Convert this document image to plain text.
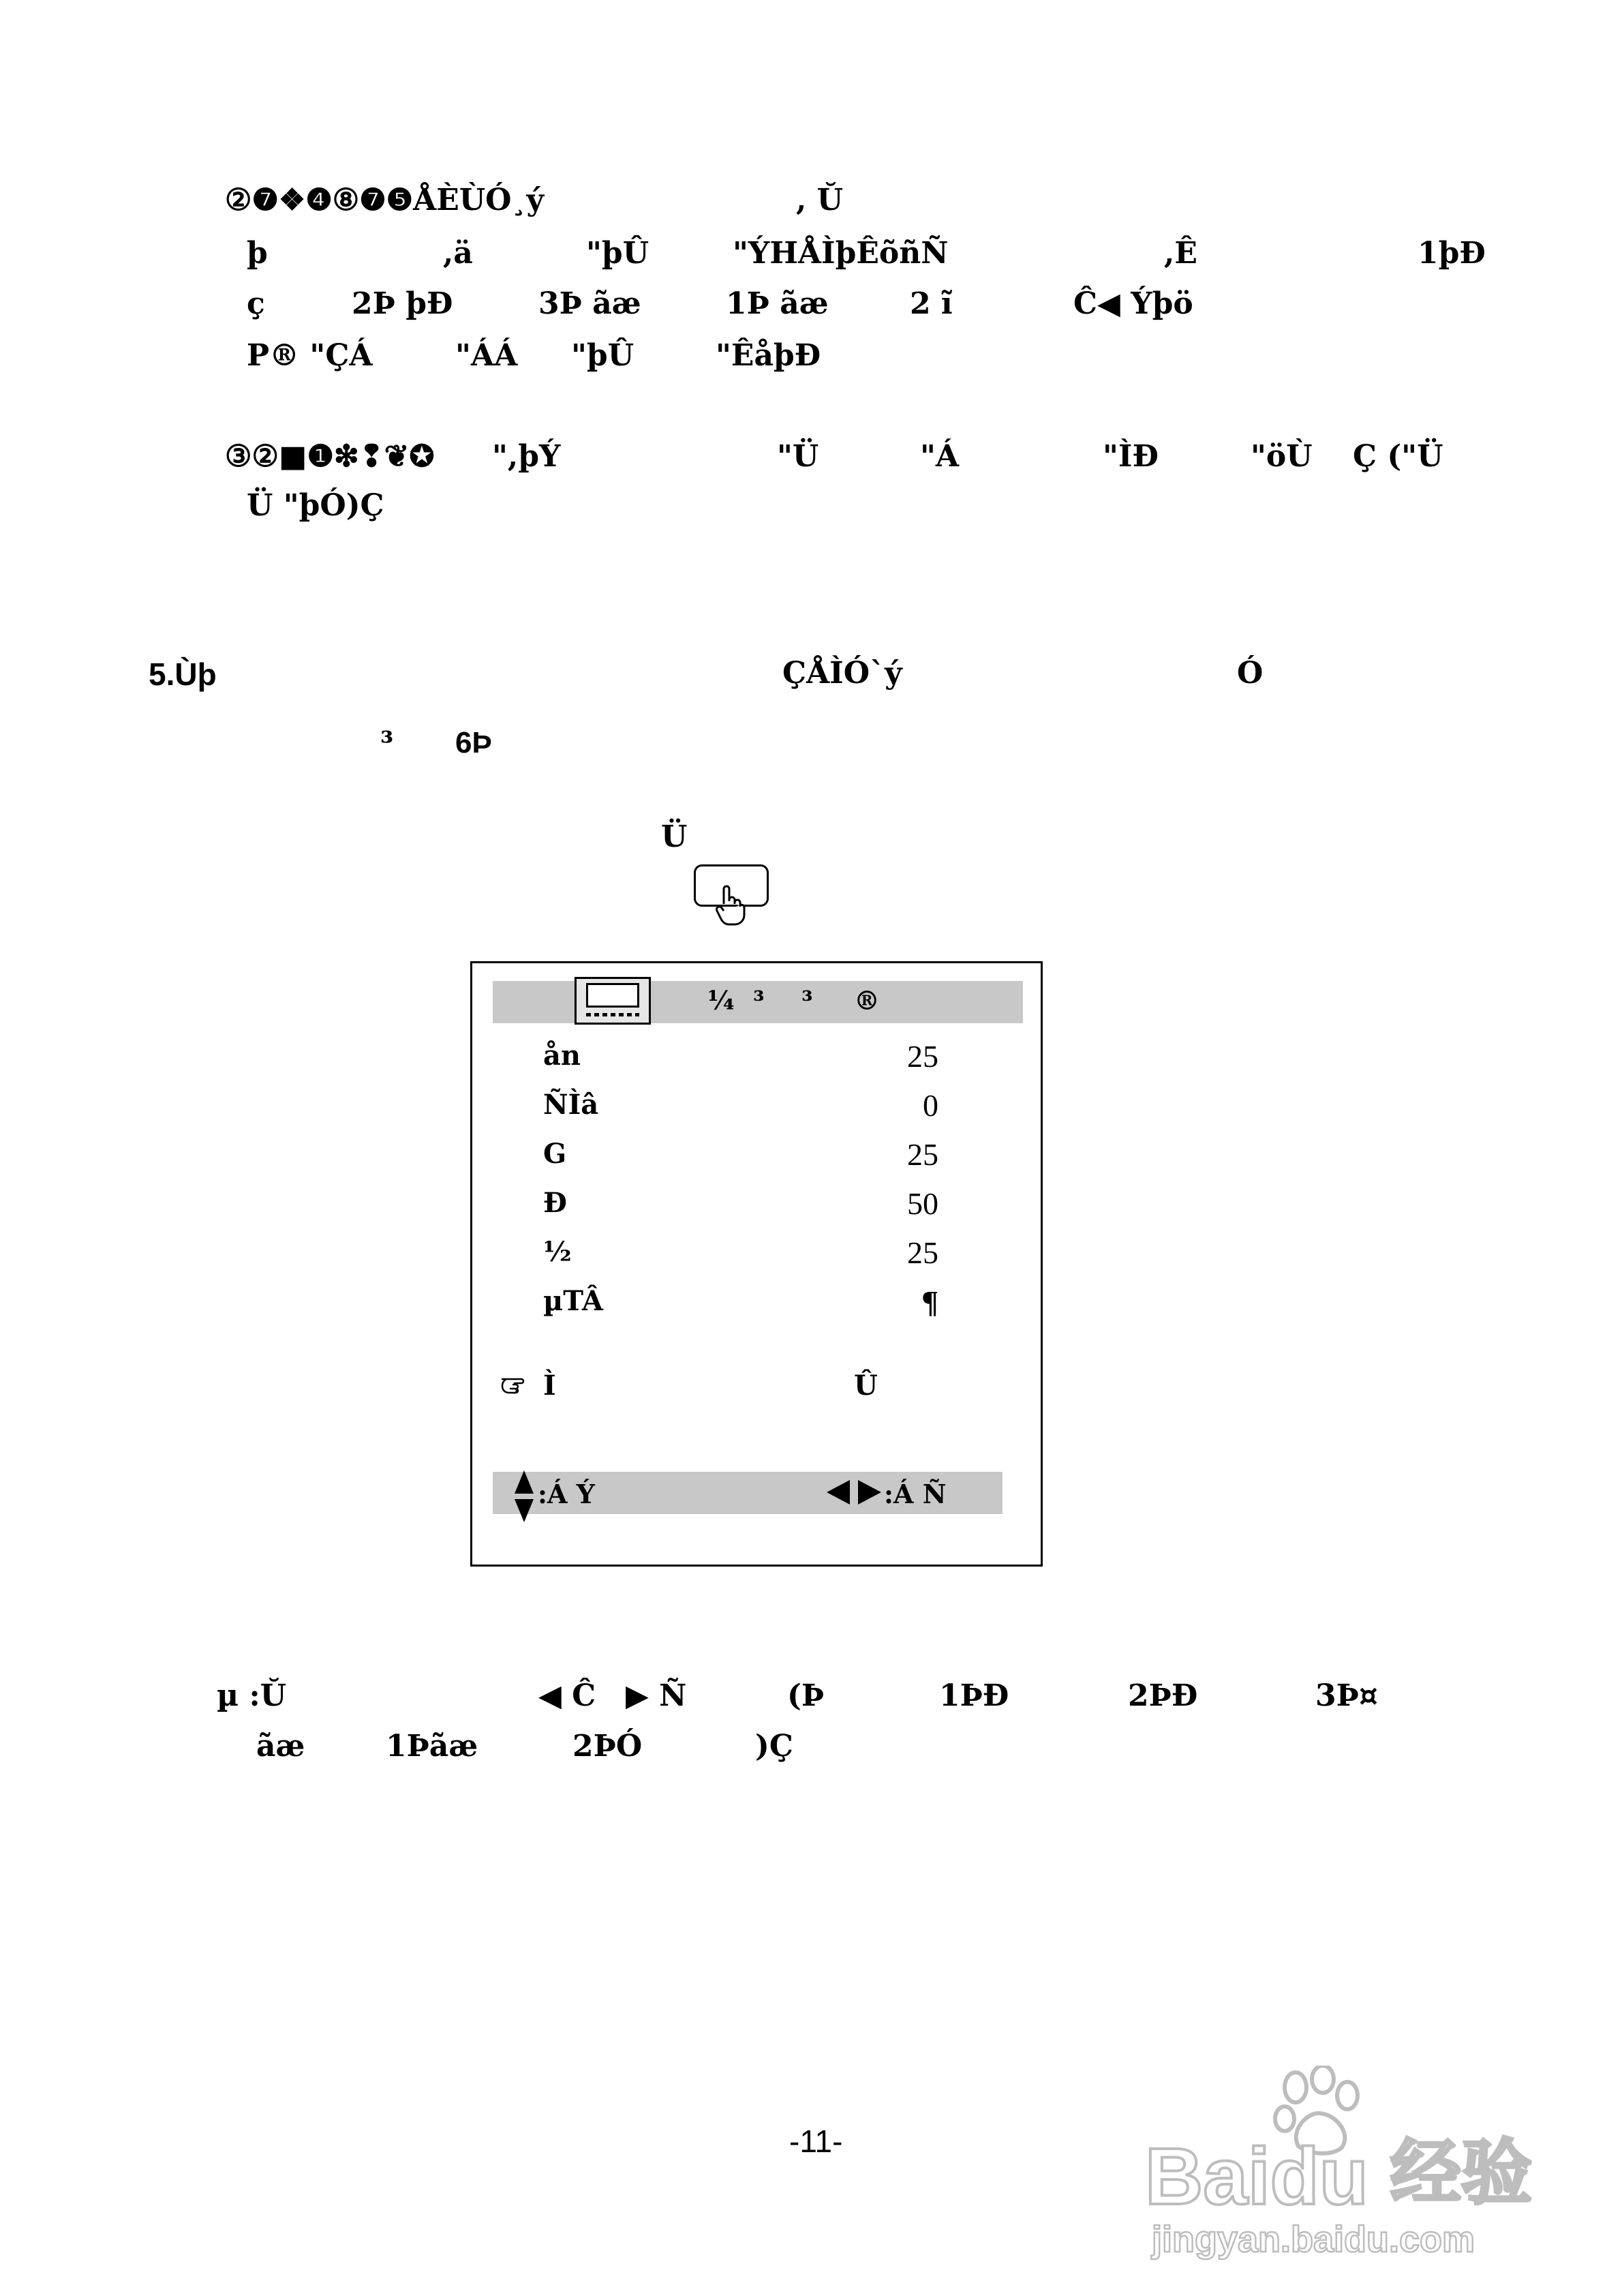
②❼❖❹⑧❼❺ÅÈÙÓ¸ý	, Ŭ
þ	,ä	"þÛ	"ÝHÅÌþÊõñÑ	,Ê	1þÐ
ç	2Þ þÐ	3Þ ãæ	1Þ ãæ	2 ĩ	Ĉ◀ Ýþö
P® "ÇÁ	"ÁÁ "þÛ	"ÊåþÐ
③②■❶❇❢❦✪ ",þÝ	"Ü	"Á	"ÌÐ	"öÙ Ç ("Ü
Ü "þÓ)Ç
5.Ùþ	ÇÅÌÓ`ý	Ó
³ 6Þ
Ü
¼ ³ ³ ®
ån	25
ÑÌâ	0
G	25
Ð	50
½	25
µTÂ	¶
Ì	Û
:Á Ý	:Á Ñ
µ :Ŭ	◀ Ĉ ▶ Ñ	(Þ	1ÞÐ	2ÞÐ	3Þ¤
ãæ	1Þãæ	2ÞÓ	)Ç
-11-	Baidu 经验
jingyan.baidu.com
